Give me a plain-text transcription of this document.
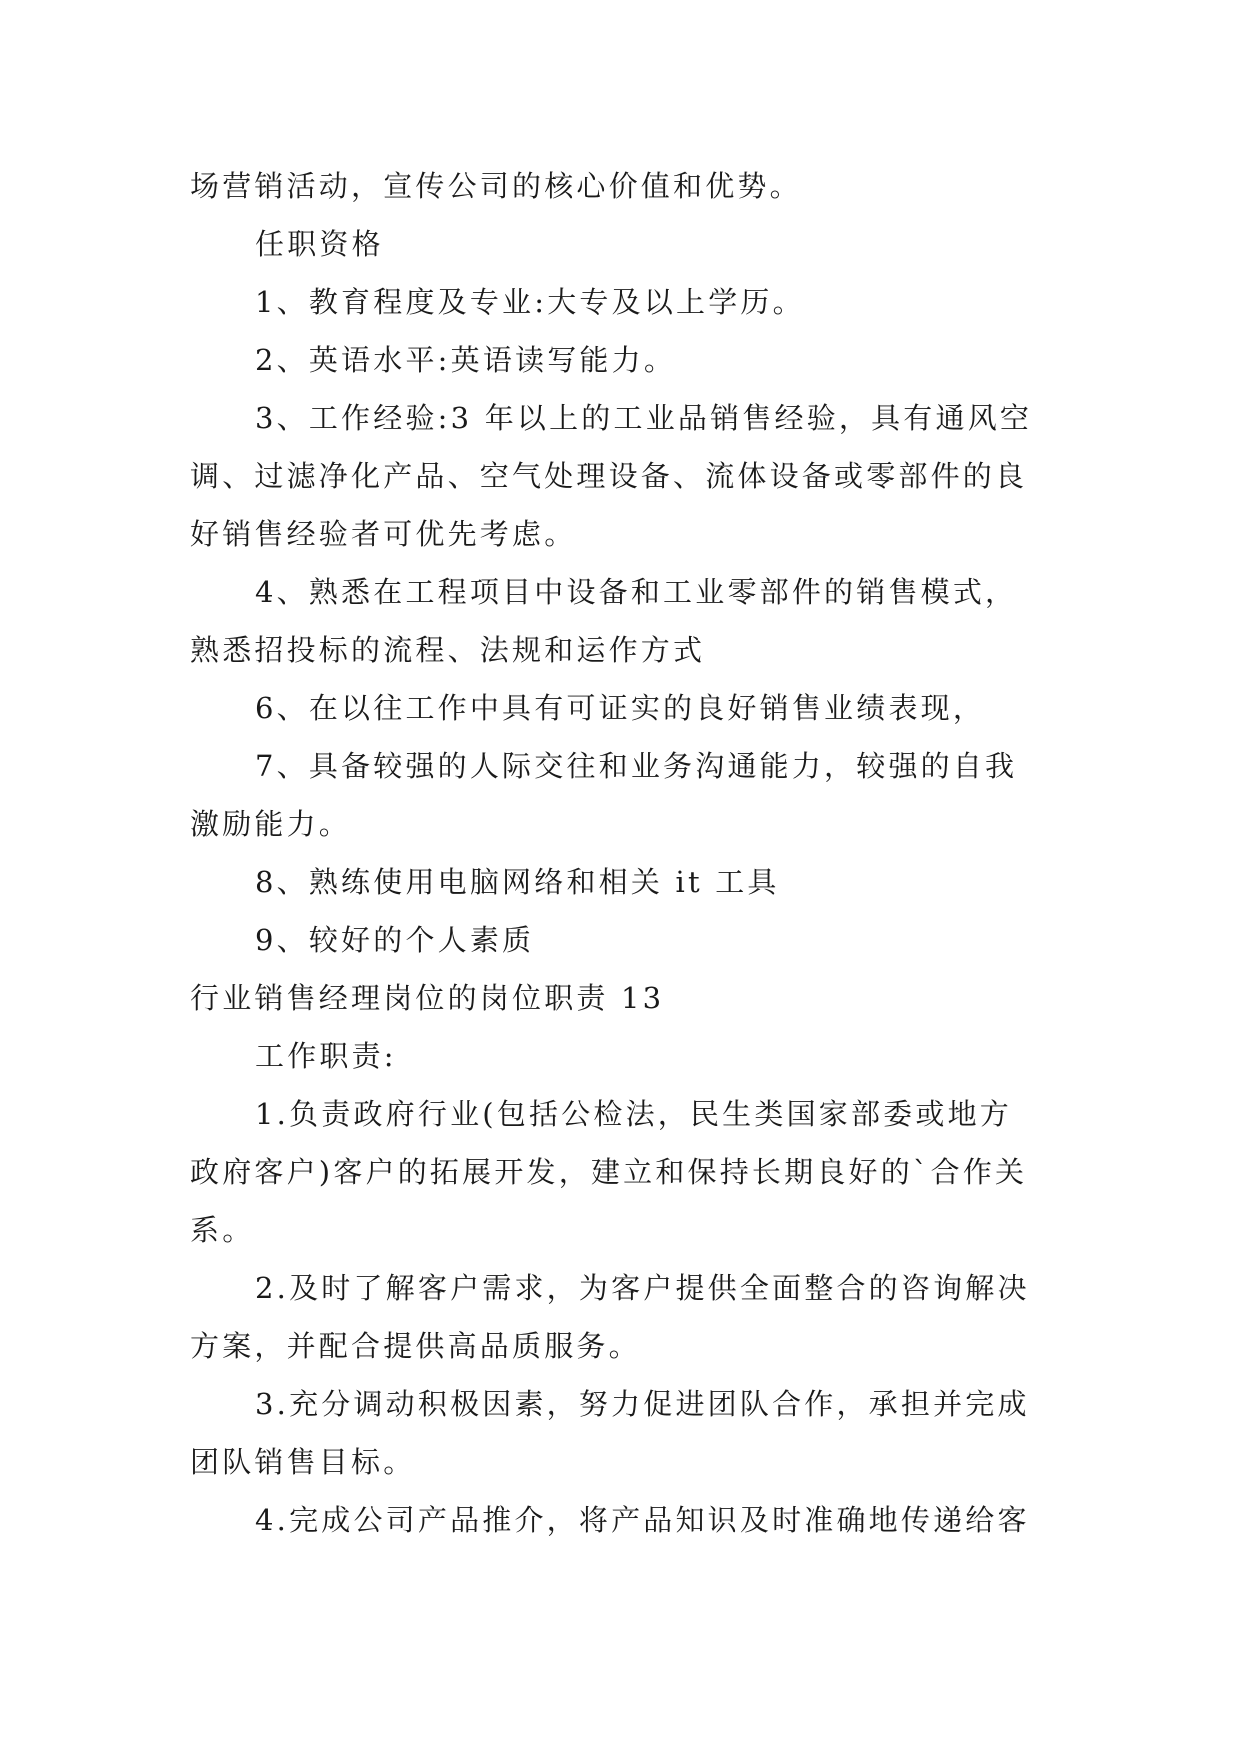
场营销活动，宣传公司的核心价值和优势。
任职资格
1、教育程度及专业:大专及以上学历。
2、英语水平:英语读写能力。
3、工作经验:3 年以上的工业品销售经验，具有通风空
调、过滤净化产品、空气处理设备、流体设备或零部件的良
好销售经验者可优先考虑。
4、熟悉在工程项目中设备和工业零部件的销售模式，
熟悉招投标的流程、法规和运作方式
6、在以往工作中具有可证实的良好销售业绩表现，
7、具备较强的人际交往和业务沟通能力，较强的自我
激励能力。
8、熟练使用电脑网络和相关 it 工具
9、较好的个人素质
行业销售经理岗位的岗位职责 13
工作职责:
1.负责政府行业(包括公检法，民生类国家部委或地方
政府客户)客户的拓展开发，建立和保持长期良好的`合作关
系。
2.及时了解客户需求，为客户提供全面整合的咨询解决
方案，并配合提供高品质服务。
3.充分调动积极因素，努力促进团队合作，承担并完成
团队销售目标。
4.完成公司产品推介，将产品知识及时准确地传递给客
